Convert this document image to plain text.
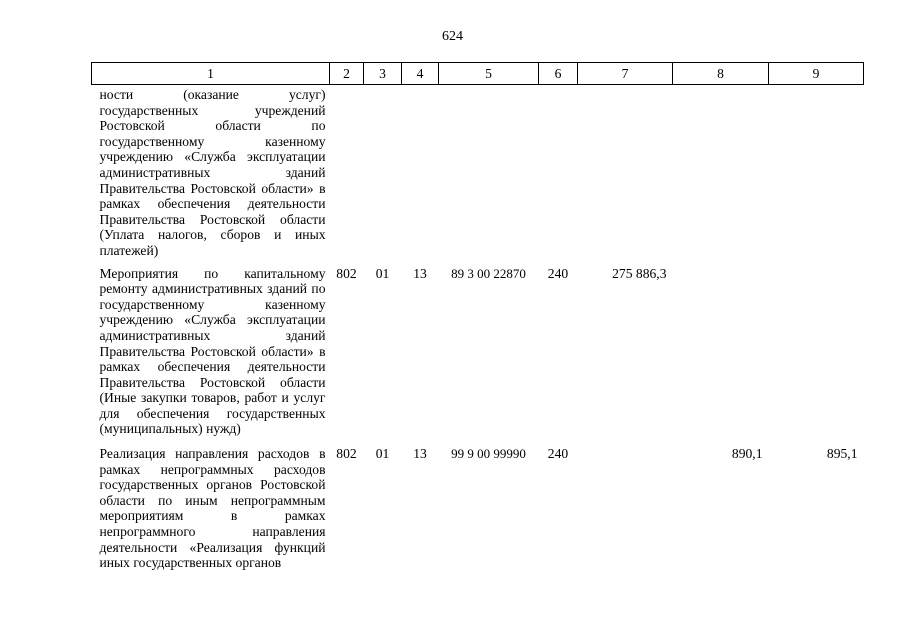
624
1	2	3	4	5	6	7	8	9
ности (оказание услуг) государственных учреждений Ростовской области по государственному казенному учреждению «Служба эксплуатации административных зданий Правительства Ростовской области» в рамках обеспечения деятельности Правительства Ростовской области (Уплата налогов, сборов и иных платежей)								
Мероприятия по капитальному ремонту административных зданий по государственному казенному учреждению «Служба эксплуатации административных зданий Правительства Ростовской области» в рамках обеспечения деятельности Правительства Ростовской области (Иные закупки товаров, работ и услуг для обеспечения государственных (муниципальных) нужд)	802	01	13	89 3 00 22870	240	275 886,3		
Реализация направления расходов в рамках непрограммных расходов государственных органов Ростовской области по иным непрограммным мероприятиям в рамках непрограммного направления деятельности «Реализация функций иных государственных органов	802	01	13	99 9 00 99990	240		890,1	895,1
